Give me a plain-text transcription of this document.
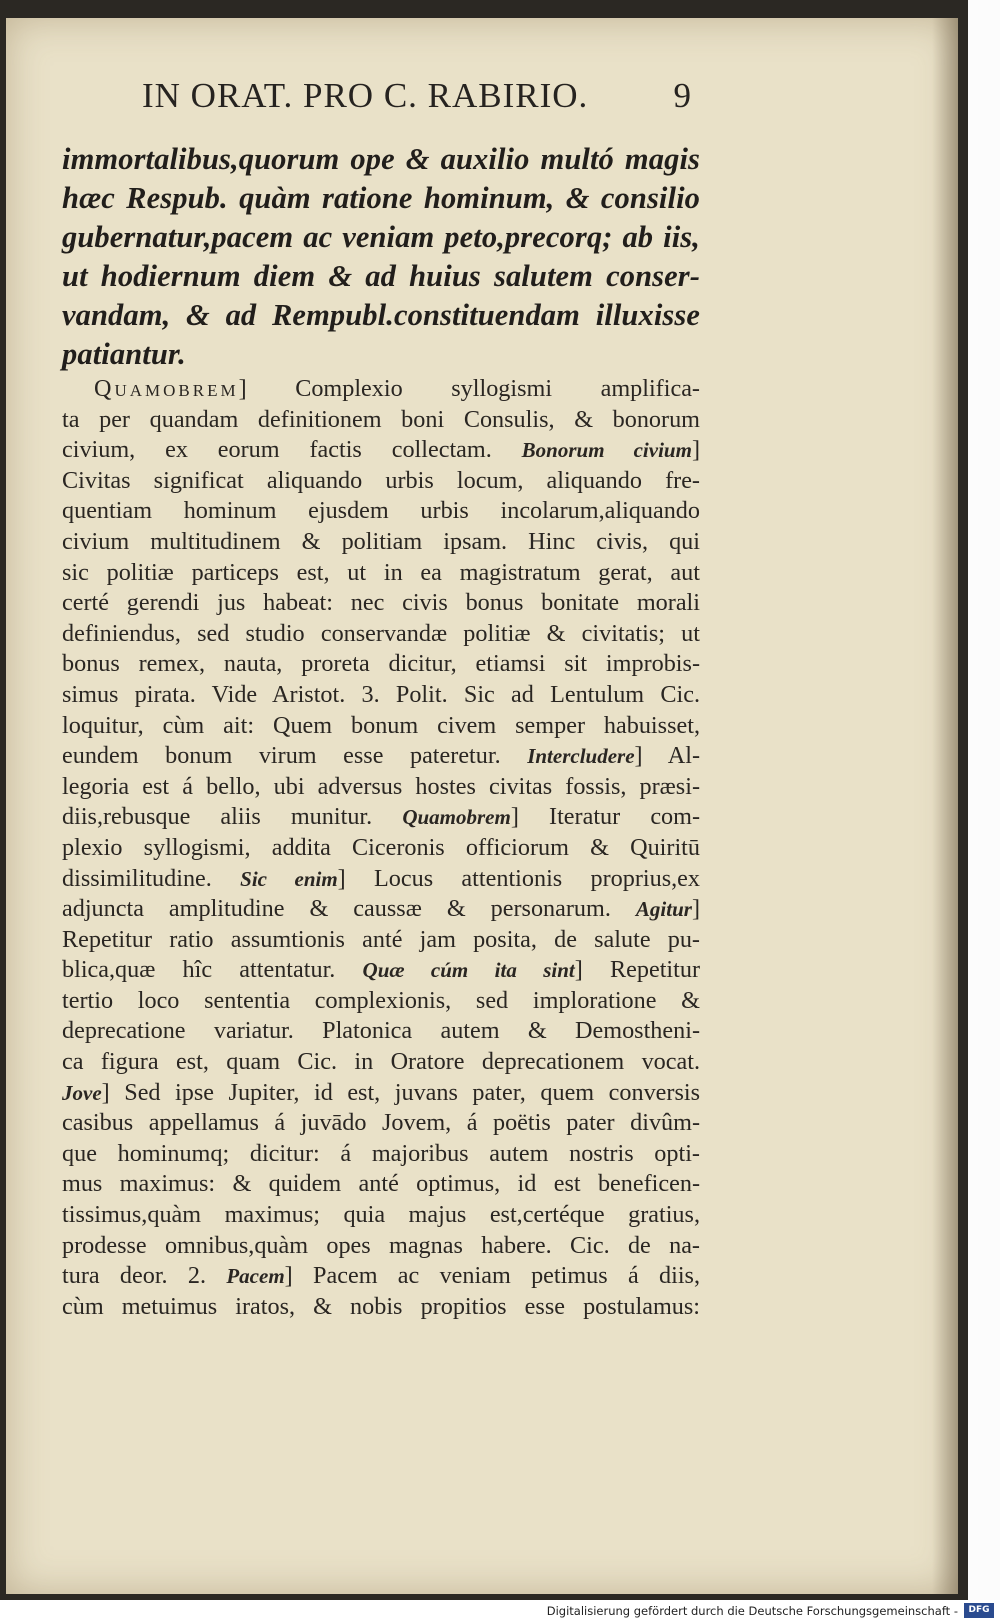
IN ORAT. PRO C. RABIRIO. 9
immortalibus,quorum ope & auxilio multó magis
hæc Respub. quàm ratione hominum, & consilio
gubernatur,pacem ac veniam peto,precorq; ab iis,
ut hodiernum diem & ad huius salutem conser-
vandam, & ad Rempubl.constituendam illuxisse
patiantur.
Quamobrem] Complexio syllogismi amplifica-
ta per quandam definitionem boni Consulis, & bonorum
civium, ex eorum factis collectam. Bonorum civium]
Civitas significat aliquando urbis locum, aliquando fre-
quentiam hominum ejusdem urbis incolarum,aliquando
civium multitudinem & politiam ipsam. Hinc civis, qui
sic politiæ particeps est, ut in ea magistratum gerat, aut
certé gerendi jus habeat: nec civis bonus bonitate morali
definiendus, sed studio conservandæ politiæ & civitatis; ut
bonus remex, nauta, proreta dicitur, etiamsi sit improbis-
simus pirata. Vide Aristot. 3. Polit. Sic ad Lentulum Cic.
loquitur, cùm ait: Quem bonum civem semper habuisset,
eundem bonum virum esse pateretur. Intercludere] Al-
legoria est á bello, ubi adversus hostes civitas fossis, præsi-
diis,rebusque aliis munitur. Quamobrem] Iteratur com-
plexio syllogismi, addita Ciceronis officiorum & Quiritū
dissimilitudine. Sic enim] Locus attentionis proprius,ex
adjuncta amplitudine & caussæ & personarum. Agitur]
Repetitur ratio assumtionis anté jam posita, de salute pu-
blica,quæ hîc attentatur. Quæ cúm ita sint] Repetitur
tertio loco sententia complexionis, sed imploratione &
deprecatione variatur. Platonica autem & Demostheni-
ca figura est, quam Cic. in Oratore deprecationem vocat.
Jove] Sed ipse Jupiter, id est, juvans pater, quem conversis
casibus appellamus á juvādo Jovem, á poëtis pater divûm-
que hominumq; dicitur: á majoribus autem nostris opti-
mus maximus: & quidem anté optimus, id est beneficen-
tissimus,quàm maximus; quia majus est,certéque gratius,
prodesse omnibus,quàm opes magnas habere. Cic. de na-
tura deor. 2. Pacem] Pacem ac veniam petimus á diis,
cùm metuimus iratos, & nobis propitios esse postulamus:
Digitalisierung gefördert durch die Deutsche Forschungsgemeinschaft -	DFG
